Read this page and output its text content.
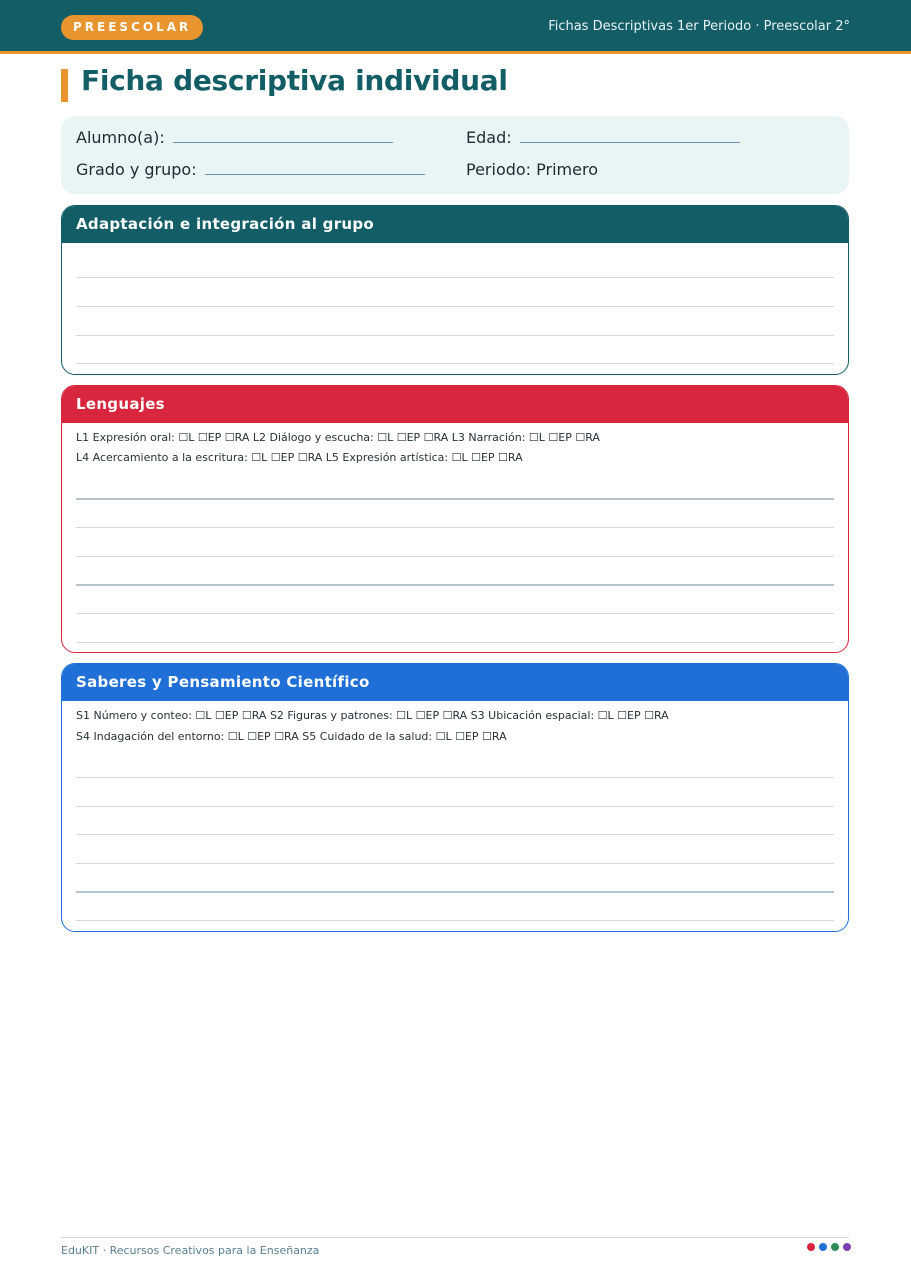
PREESCOLAR	Fichas Descriptivas 1er Periodo · Preescolar 2°
Ficha descriptiva individual
Alumno(a):	Edad:
Grado y grupo:	Periodo: Primero
Adaptación e integración al grupo
Lenguajes
L1 Expresión oral: ☐L ☐EP ☐RA L2 Diálogo y escucha: ☐L ☐EP ☐RA L3 Narración: ☐L ☐EP ☐RA
L4 Acercamiento a la escritura: ☐L ☐EP ☐RA L5 Expresión artística: ☐L ☐EP ☐RA
Saberes y Pensamiento Científico
S1 Número y conteo: ☐L ☐EP ☐RA S2 Figuras y patrones: ☐L ☐EP ☐RA S3 Ubicación espacial: ☐L ☐EP ☐RA
S4 Indagación del entorno: ☐L ☐EP ☐RA S5 Cuidado de la salud: ☐L ☐EP ☐RA
EduKIT · Recursos Creativos para la Enseñanza
